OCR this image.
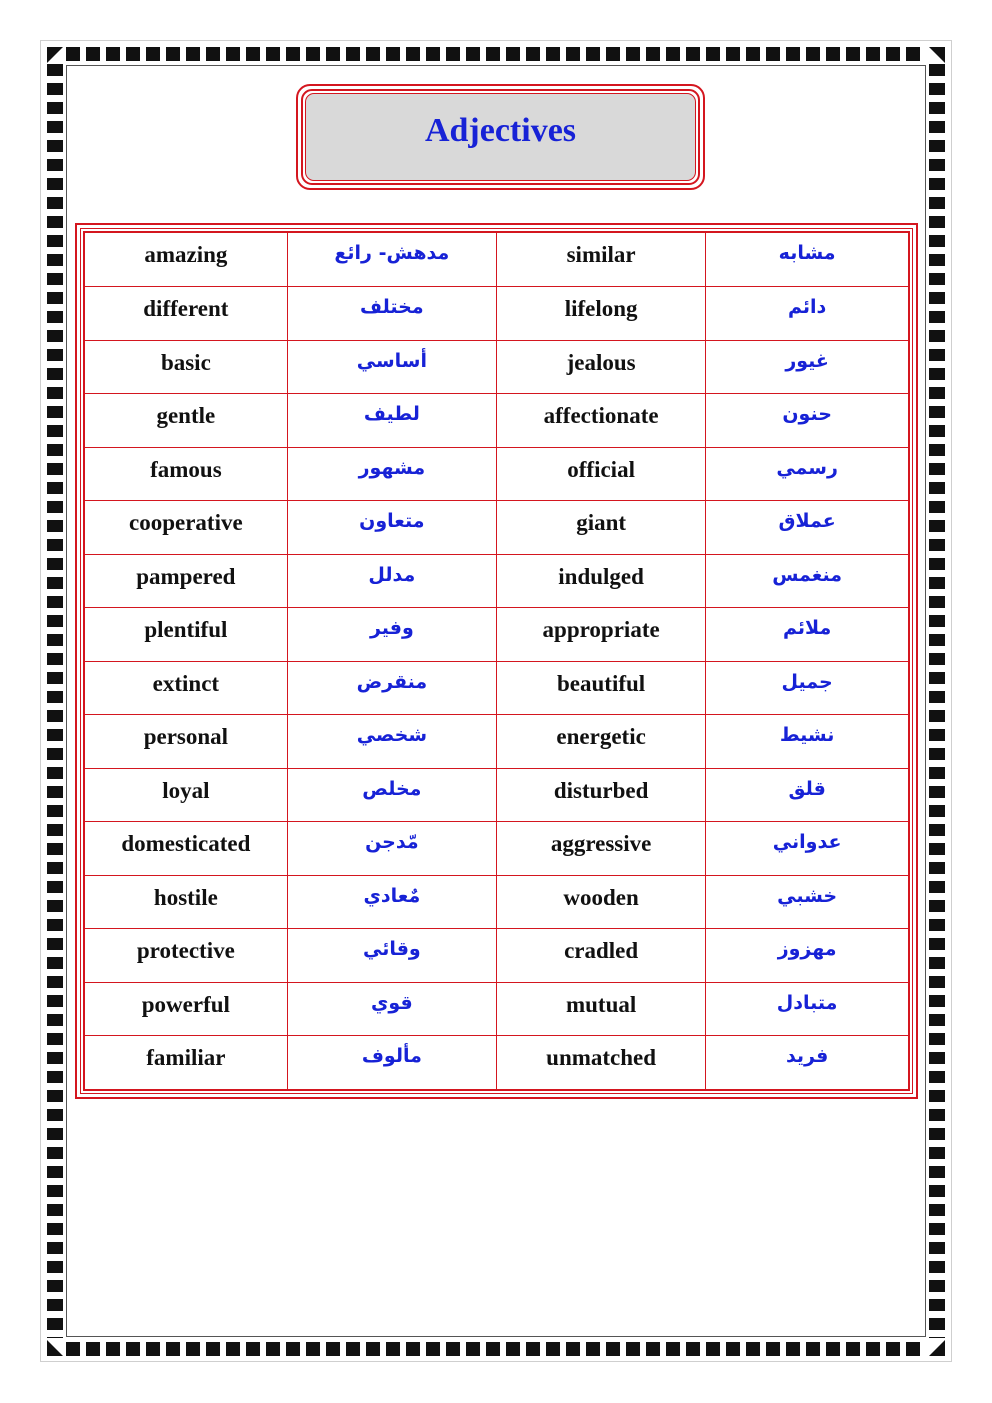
Adjectives
amazing	مدهش- رائع	similar	مشابه
different	مختلف	lifelong	دائم
basic	أساسي	jealous	غيور
gentle	لطيف	affectionate	حنون
famous	مشهور	official	رسمي
cooperative	متعاون	giant	عملاق
pampered	مدلل	indulged	منغمس
plentiful	وفير	appropriate	ملائم
extinct	منقرض	beautiful	جميل
personal	شخصي	energetic	نشيط
loyal	مخلص	disturbed	قلق
domesticated	مّدجن	aggressive	عدواني
hostile	مٌعادي	wooden	خشبي
protective	وقائي	cradled	مهزوز
powerful	قوي	mutual	متبادل
familiar	مألوف	unmatched	فريد
